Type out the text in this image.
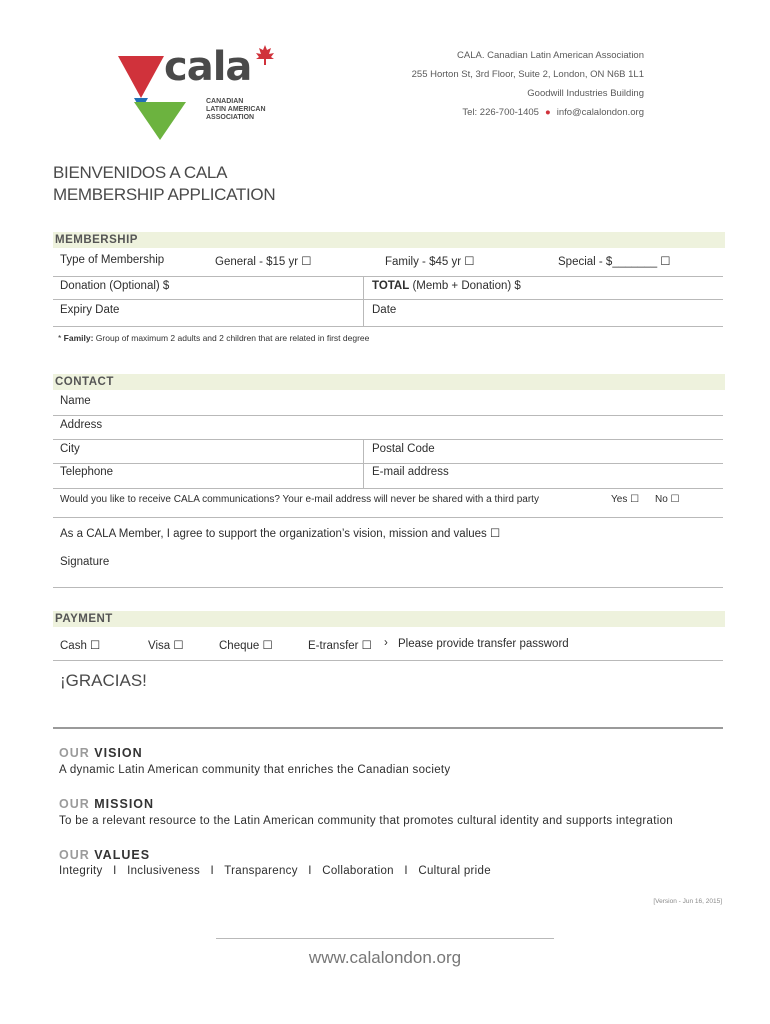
cala
CANADIAN
LATIN AMERICAN
ASSOCIATION
CALA. Canadian Latin American Association
255 Horton St, 3rd Floor, Suite 2, London, ON N6B 1L1
Goodwill Industries Building
Tel: 226-700-1405 ● info@calalondon.org
BIENVENIDOS A CALA
MEMBERSHIP APPLICATION
MEMBERSHIP
Type of Membership	General - $15 yr ☐	Family - $45 yr ☐	Special - $_______ ☐
Donation (Optional) $	TOTAL (Memb + Donation) $
Expiry Date	Date
* Family: Group of maximum 2 adults and 2 children that are related in first degree
CONTACT
Name
Address
City	Postal Code
Telephone	E-mail address
Would you like to receive CALA communications? Your e-mail address will never be shared with a third party	Yes ☐ No ☐
As a CALA Member, I agree to support the organization’s vision, mission and values ☐
Signature
PAYMENT
Cash ☐	Visa ☐	Cheque ☐	E-transfer ☐ › Please provide transfer password
¡GRACIAS!
OUR VISION
A dynamic Latin American community that enriches the Canadian society
OUR MISSION
To be a relevant resource to the Latin American community that promotes cultural identity and supports integration
OUR VALUES
Integrity   I   Inclusiveness   I   Transparency   I   Collaboration   I   Cultural pride
[Version - Jun 16, 2015]
www.calalondon.org
